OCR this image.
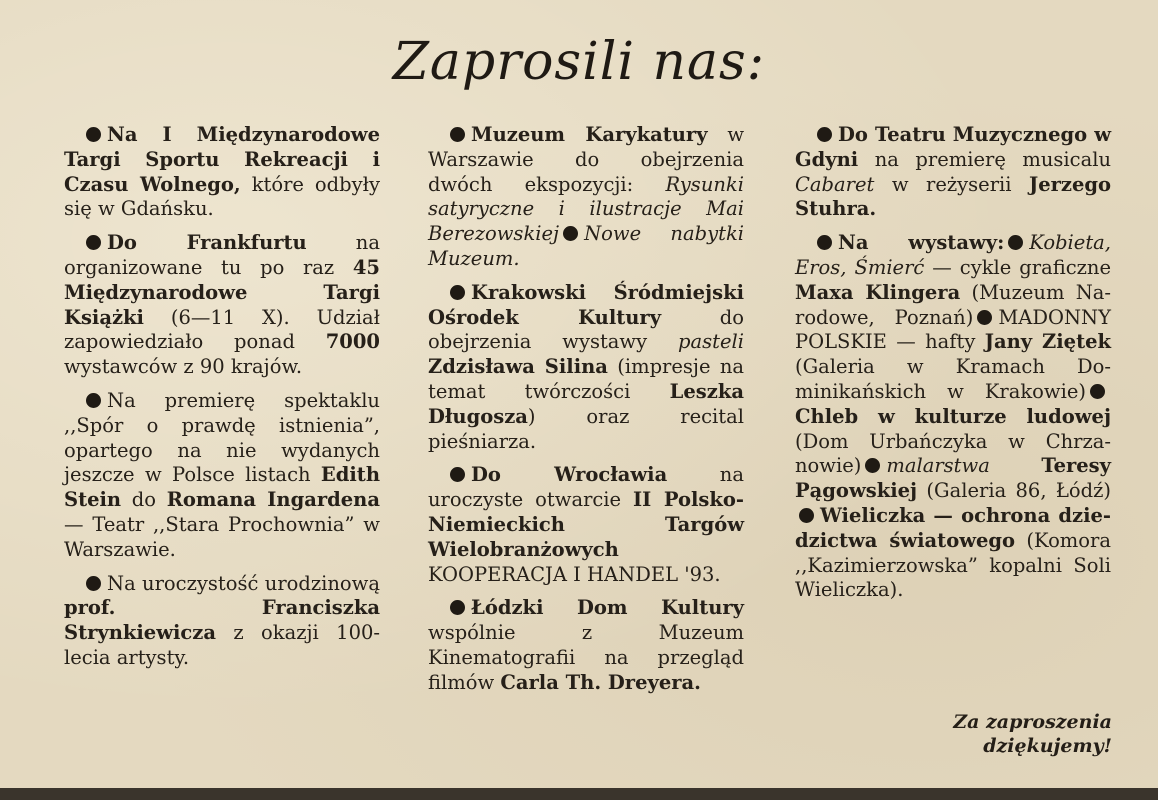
Zaprosili nas:

Na I Międzynarodowe Targi Sportu Rekreacji i Czasu Wolnego, które odbyły się w Gdańsku.

Do Frankfurtu na organizowane tu po raz 45 Międzynarodowe Targi Książki (6—11 X). Udział zapowiedziało ponad 7000 wystawców z 90 krajów.

Na premierę spektaklu ,,Spór o prawdę istnienia”, opartego na nie wydanych jeszcze w Polsce listach Edith Stein do Romana Ingardena — Teatr ,,Stara Prochownia” w Warszawie.

Na uroczystość urodzinową prof. Franciszka Strynkiewicza z okazji 100-lecia artysty.

Muzeum Karykatury w Warszawie do obejrzenia dwóch ekspozycji: Rysunki satyryczne i ilustracje Mai Berezowskiej Nowe nabytki Muzeum.

Krakowski Śródmiejski Ośrodek Kultury do obejrzenia wystawy pasteli Zdzisława Silina (impresje na temat twórczości Leszka Długosza) oraz recital pieśniarza.

Do Wrocławia na uroczyste otwarcie II Polsko-Niemieckich Targów Wielobranżowych KOOPERACJA I HANDEL '93.

Łódzki Dom Kultury wspólnie z Muzeum Kinematografii na przegląd filmów Carla Th. Dreyera.

Do Teatru Muzycznego w Gdyni na premierę musicalu Cabaret w reżyserii Jerzego Stuhra.

Na wystawy: Kobieta, Eros, Śmierć — cykle graficzne Maxa Klingera (Muzeum Narodowe, Poznań) MADONNY POLSKIE — hafty Jany Ziętek (Galeria w Kramach Dominikańskich w Krakowie)Chleb w kulturze ludowej (Dom Urbańczyka w Chrzanowie) malarstwa Teresy Pągowskiej (Galeria 86, Łódź)Wieliczka — ochrona dziedzictwa światowego (Komora ,,Kazimierzowska” kopalni Soli Wieliczka).

Za zaproszenia
dziękujemy!
